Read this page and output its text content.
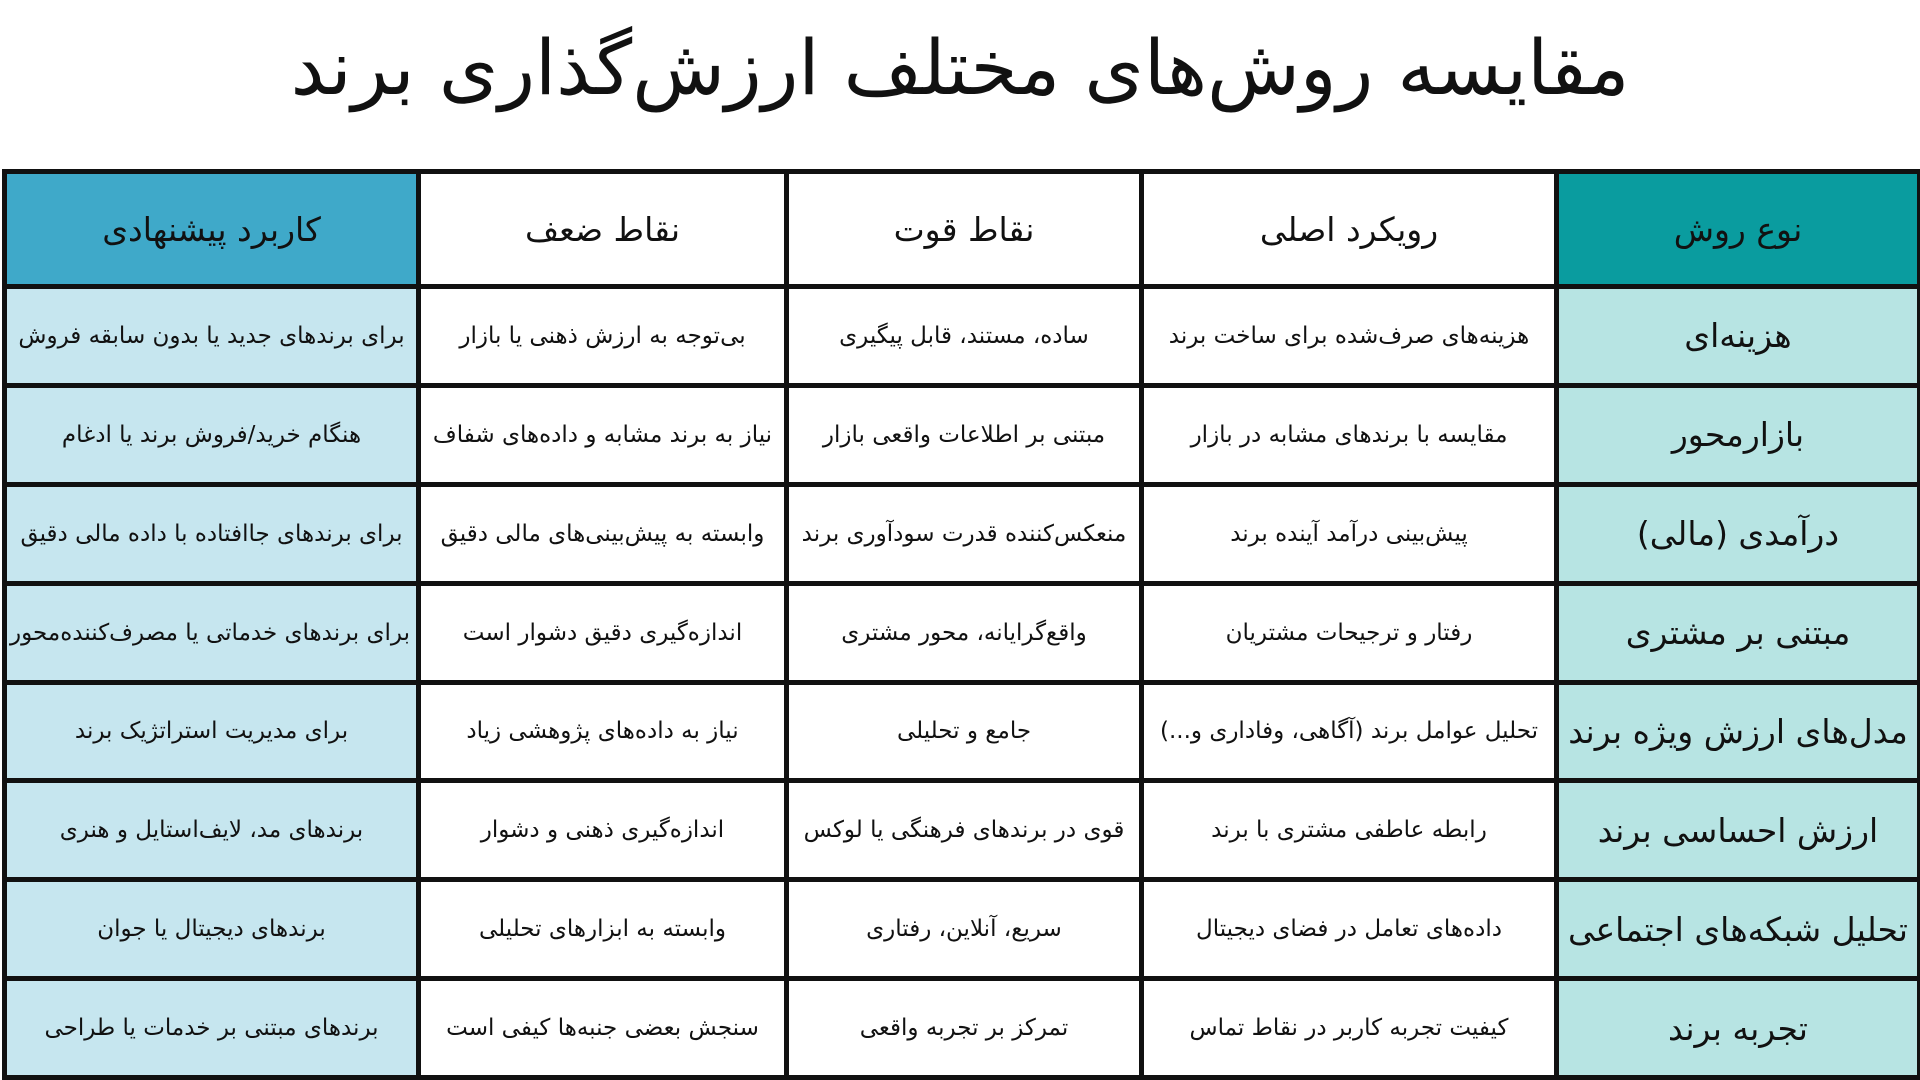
مقایسه روش‌های مختلف ارزش‌گذاری برند
نوع روش	رویکرد اصلی	نقاط قوت	نقاط ضعف	کاربرد پیشنهادی
هزینه‌ای	هزینه‌های صرف‌شده برای ساخت برند	ساده، مستند، قابل پیگیری	بی‌توجه به ارزش ذهنی یا بازار	برای برندهای جدید یا بدون سابقه فروش
بازارمحور	مقایسه با برندهای مشابه در بازار	مبتنی بر اطلاعات واقعی بازار	نیاز به برند مشابه و داده‌های شفاف	هنگام خرید/فروش برند یا ادغام
درآمدی (مالی)	پیش‌بینی درآمد آینده برند	منعکس‌کننده قدرت سودآوری برند	وابسته به پیش‌بینی‌های مالی دقیق	برای برندهای جاافتاده با داده مالی دقیق
مبتنی بر مشتری	رفتار و ترجیحات مشتریان	واقع‌گرایانه، محور مشتری	اندازه‌گیری دقیق دشوار است	برای برندهای خدماتی یا مصرف‌کننده‌محور
مدل‌های ارزش ویژه برند	تحلیل عوامل برند (آگاهی، وفاداری و...)	جامع و تحلیلی	نیاز به داده‌های پژوهشی زیاد	برای مدیریت استراتژیک برند
ارزش احساسی برند	رابطه عاطفی مشتری با برند	قوی در برندهای فرهنگی یا لوکس	اندازه‌گیری ذهنی و دشوار	برندهای مد، لایف‌استایل و هنری
تحلیل شبکه‌های اجتماعی	داده‌های تعامل در فضای دیجیتال	سریع، آنلاین، رفتاری	وابسته به ابزارهای تحلیلی	برندهای دیجیتال یا جوان
تجربه برند	کیفیت تجربه کاربر در نقاط تماس	تمرکز بر تجربه واقعی	سنجش بعضی جنبه‌ها کیفی است	برندهای مبتنی بر خدمات یا طراحی
